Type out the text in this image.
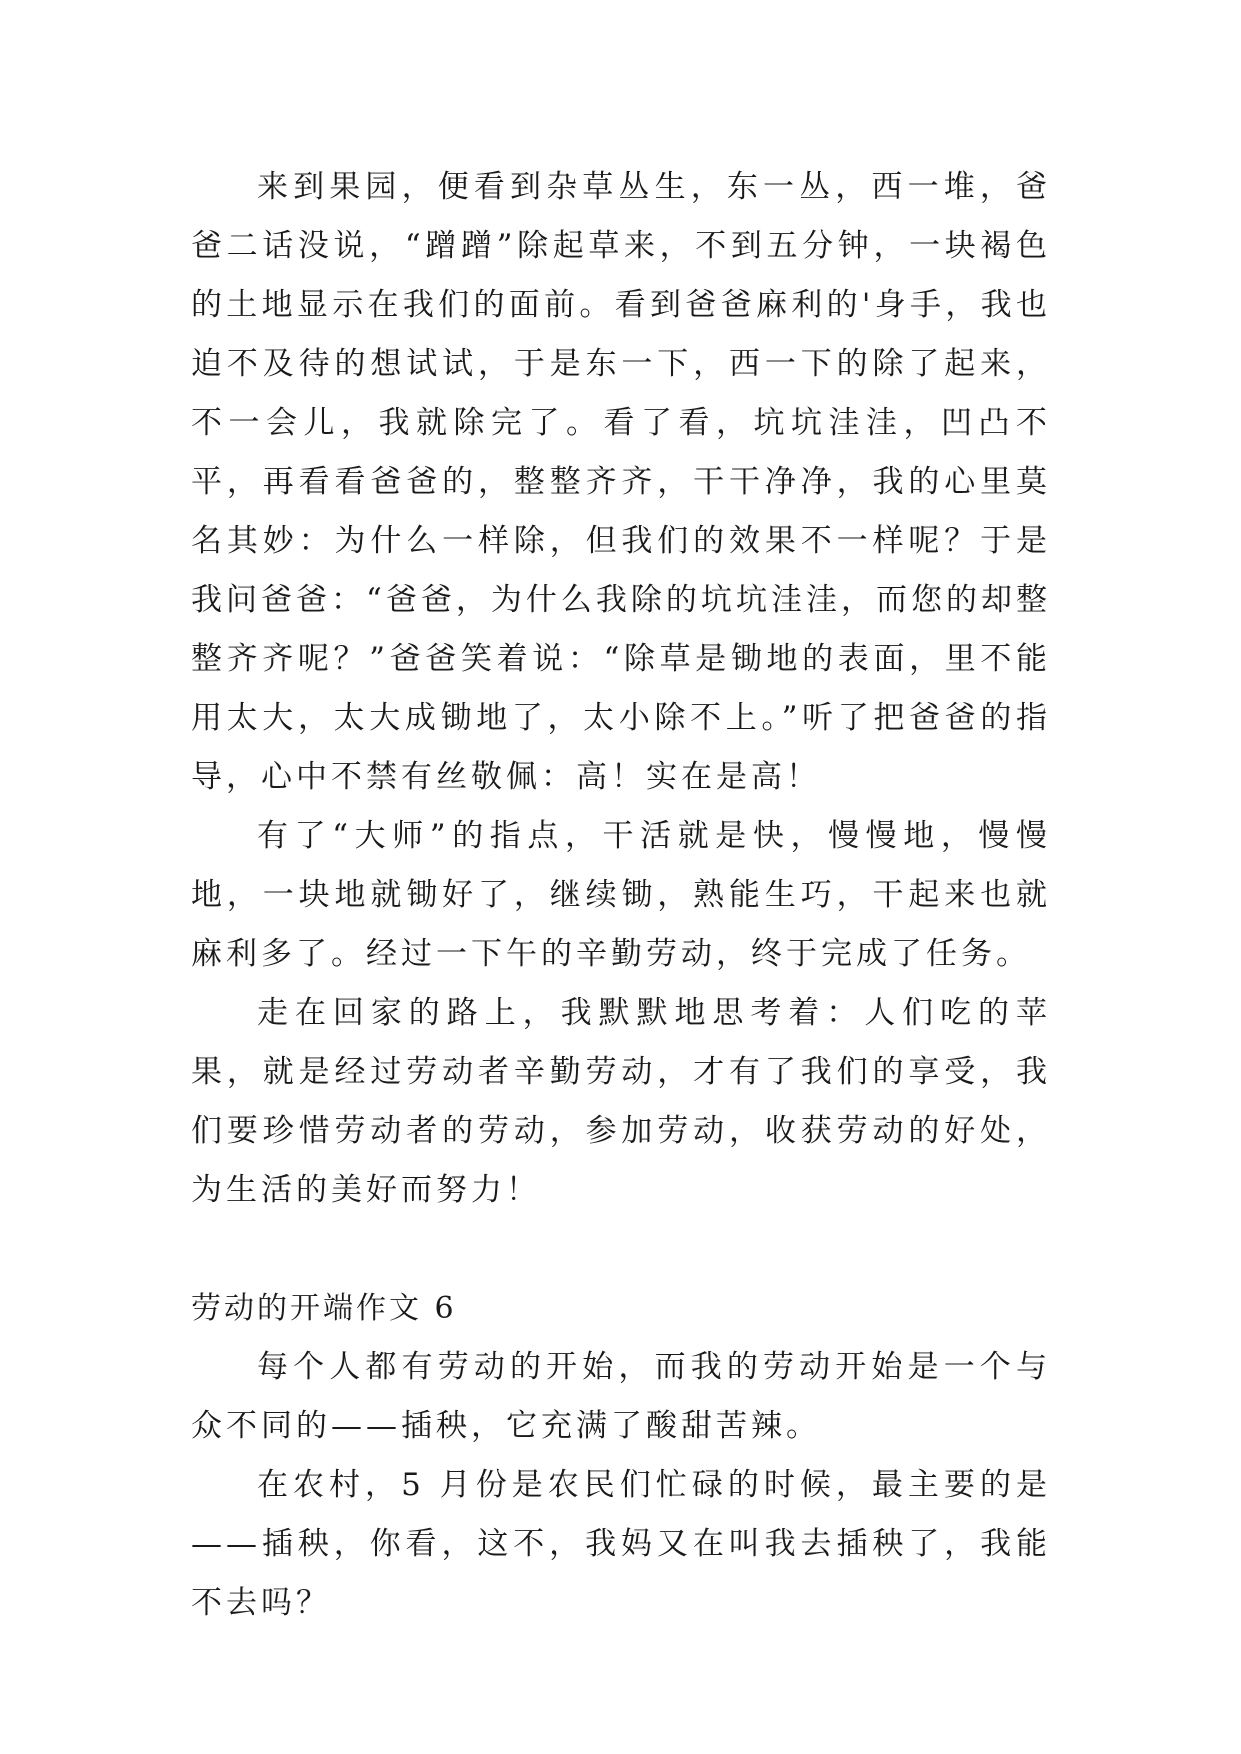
来到果园，便看到杂草丛生，东一丛，西一堆，爸爸二话没说，“蹭蹭”除起草来，不到五分钟，一块褐色的土地显示在我们的面前。看到爸爸麻利的'身手，我也迫不及待的想试试，于是东一下，西一下的除了起来，不一会儿，我就除完了。看了看，坑坑洼洼，凹凸不平，再看看爸爸的，整整齐齐，干干净净，我的心里莫名其妙：为什么一样除，但我们的效果不一样呢？于是我问爸爸：“爸爸，为什么我除的坑坑洼洼，而您的却整整齐齐呢？”爸爸笑着说：“除草是锄地的表面，里不能用太大，太大成锄地了，太小除不上。”听了把爸爸的指导，心中不禁有丝敬佩：高！实在是高！

有了“大师”的指点，干活就是快，慢慢地，慢慢地，一块地就锄好了，继续锄，熟能生巧，干起来也就麻利多了。经过一下午的辛勤劳动，终于完成了任务。

走在回家的路上，我默默地思考着：人们吃的苹果，就是经过劳动者辛勤劳动，才有了我们的享受，我们要珍惜劳动者的劳动，参加劳动，收获劳动的好处，为生活的美好而努力！

劳动的开端作文 6

每个人都有劳动的开始，而我的劳动开始是一个与众不同的——插秧，它充满了酸甜苦辣。

在农村，5 月份是农民们忙碌的时候，最主要的是——插秧，你看，这不，我妈又在叫我去插秧了，我能不去吗？
